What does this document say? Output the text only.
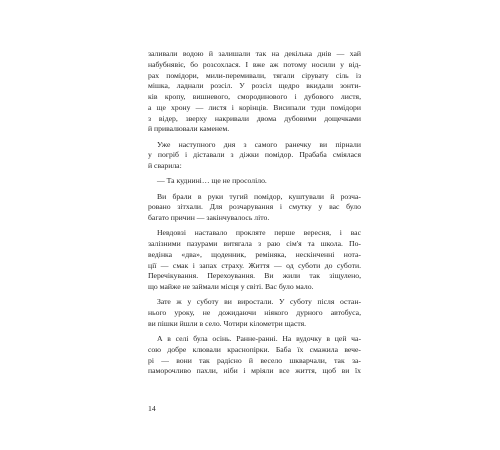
заливали водою й залишали так на декілька днів — хай
набубнявіє, бо розсохлася. І вже аж потому носили у від-
рах помідори, мили-перемивали, тягали сірувату сіль із
мішка, ладнали розсіл. У розсіл щедро вкидали зонти-
ків кропу, вишневого, смородинового і дубового листя,
а ще хрону — листя і корінців. Висипали туди помідори
з відер, зверху накривали двома дубовими дощечками
й привалювали каменем.
Уже наступного дня з самого ранечку ви пірнали
у погріб і діставали з діжки помідор. Прабаба сміялася
й сварила:
— Та куднині… ще не просолілo.
Ви брали в руки тугий помідор, куштували й розча-
ровано зітхали. Для розчарування і смутку у вас було
багато причин — закінчувалось літо.
Невдовзі наставало прокляте перше вересня, і вас
залізними пазурами витягала з раю сім'я та школа. По-
ведінка «два», щоденник, ремінякa, нескінченні нота-
ції — смак і запах страху. Життя — од суботи до суботи.
Перечікування. Перехоування. Ви жили так зіщулено,
що майже не займали місця у світі. Вас було мало.
Зате ж у суботу ви виростали. У суботу після остан-
нього уроку, не дожидаючи ніякого дурного автобуса,
ви пішки йшли в село. Чотири кілометри щастя.
А в селі була осінь. Ранне-ранні. На вудочку в цей ча-
сою добре клювали краснопірки. Баба їх смажила вече-
рі — вони так радісно й весело шкварчали, так за-
паморочливо пахли, ніби і мріяли все життя, щоб ви їх
14
